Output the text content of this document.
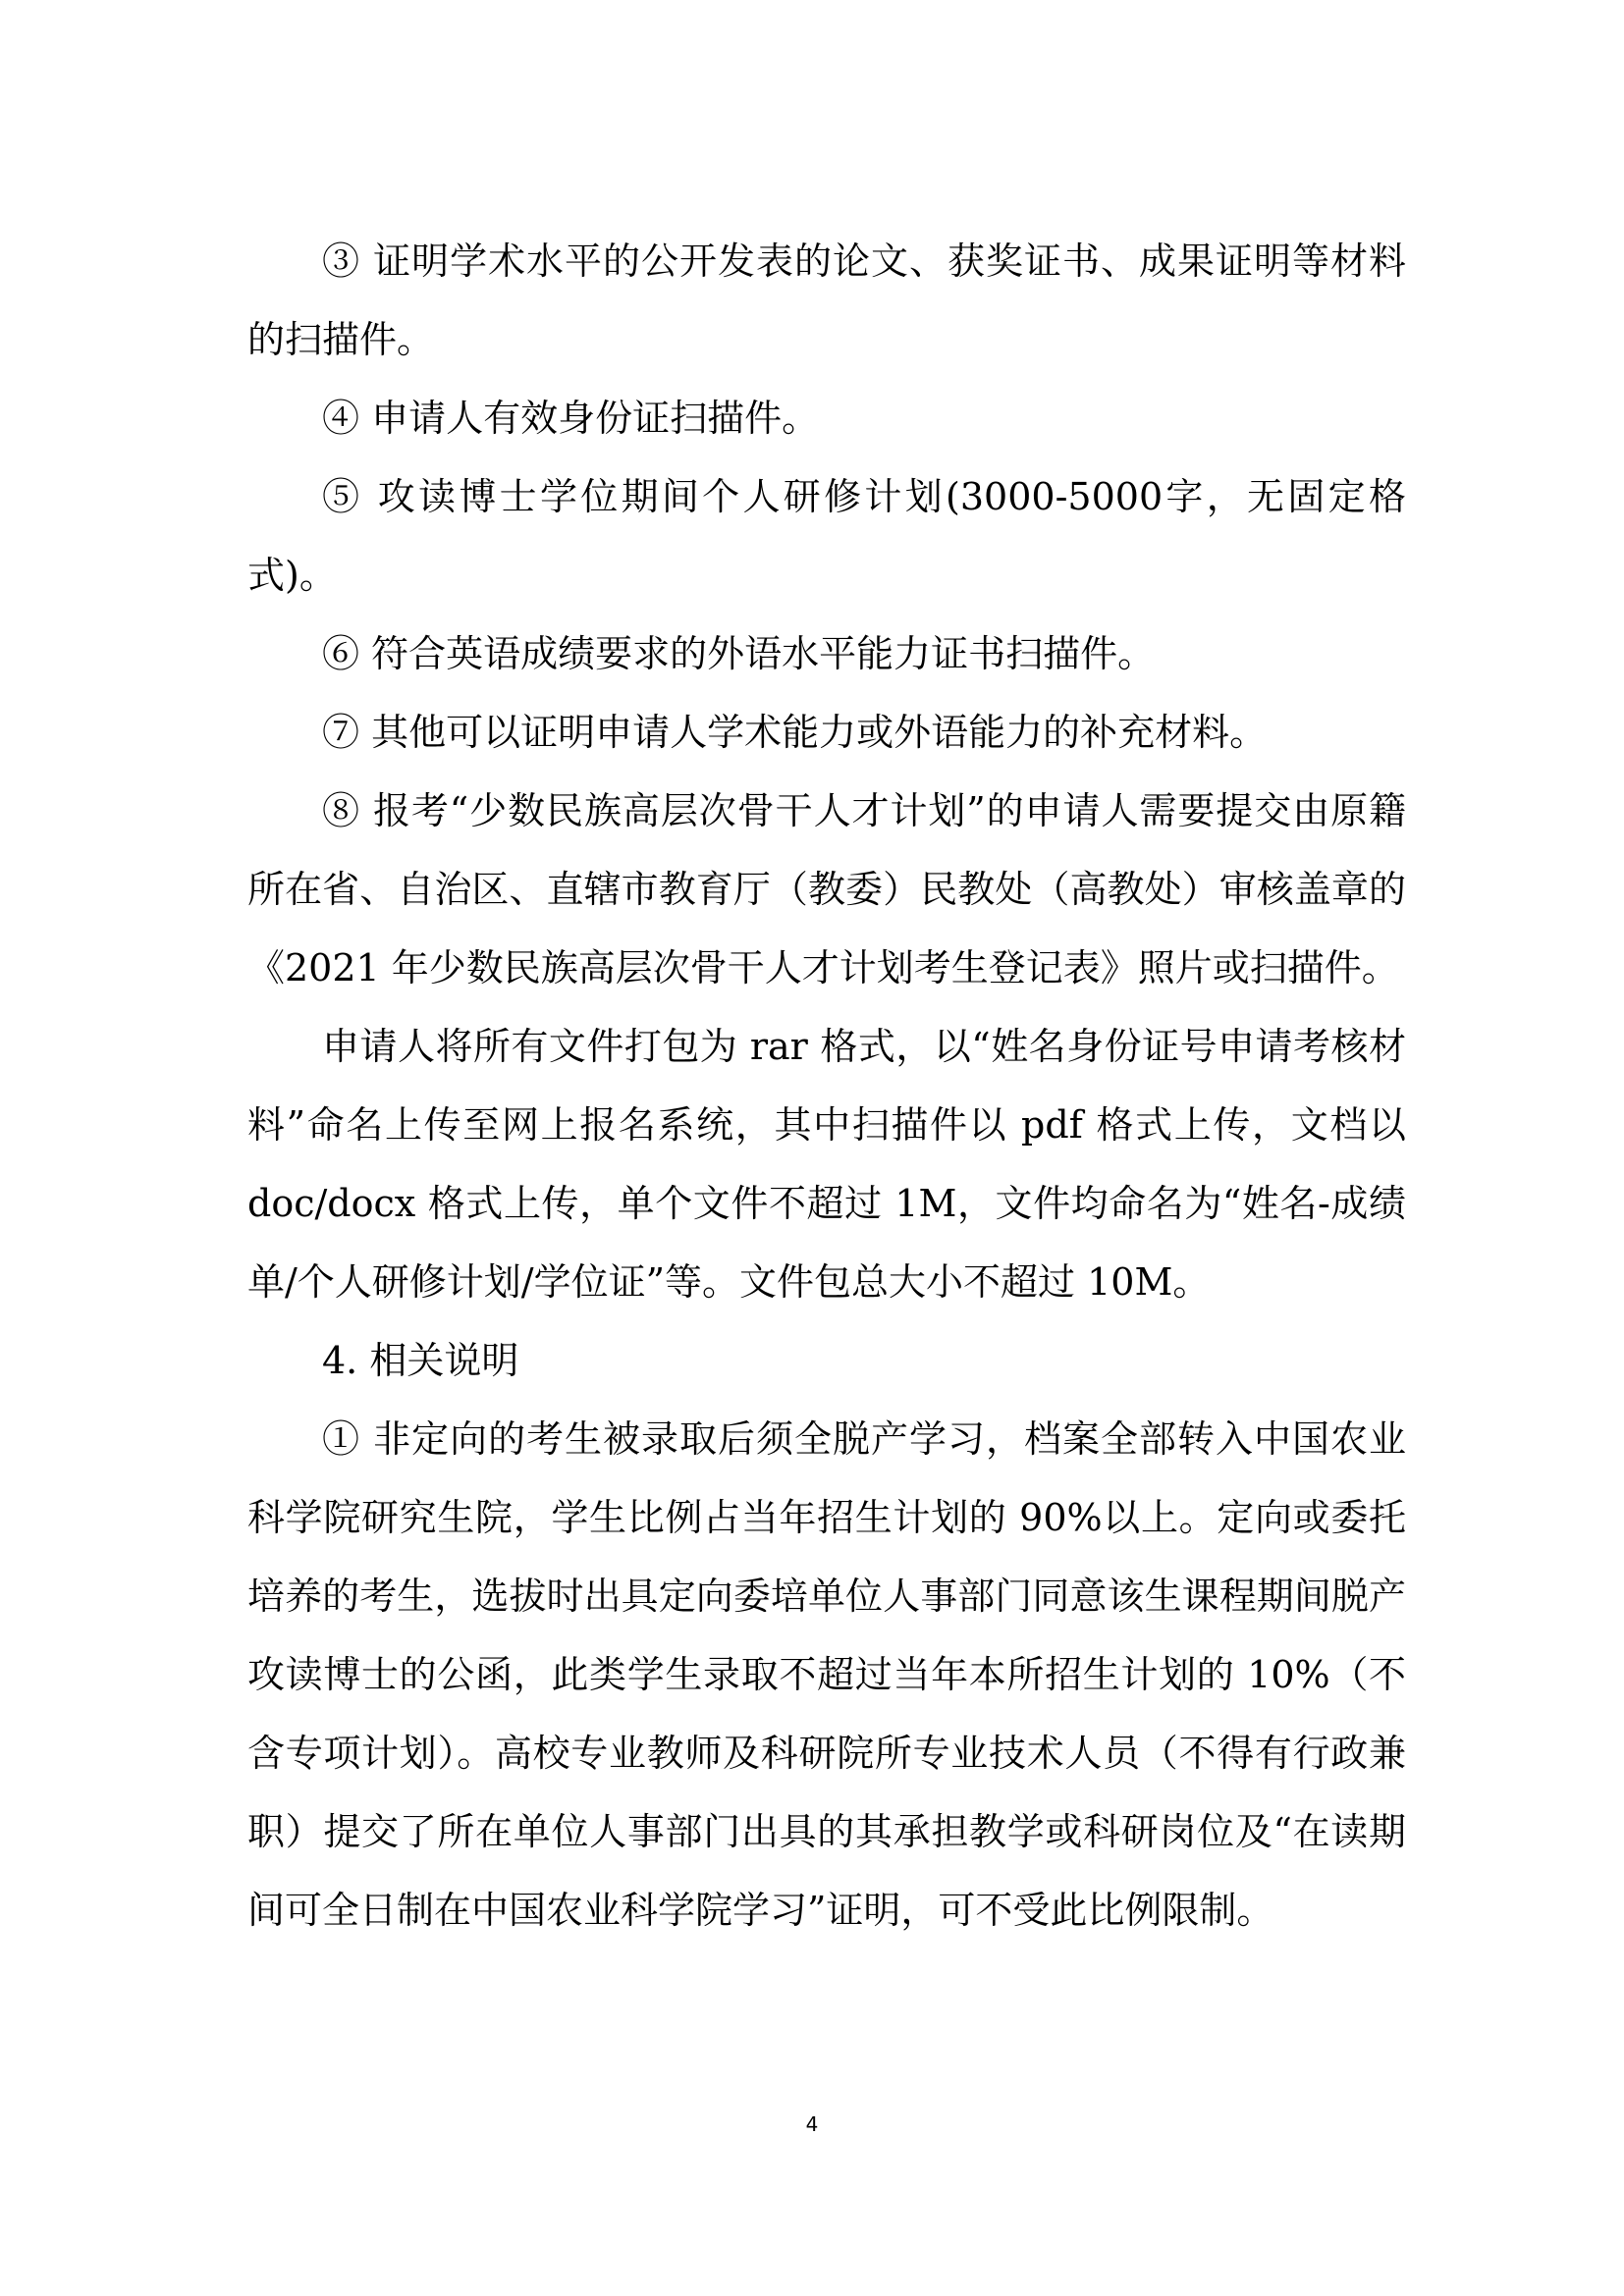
③ 证明学术水平的公开发表的论文、获奖证书、成果证明等材料的扫描件。

④ 申请人有效身份证扫描件。

⑤ 攻读博士学位期间个人研修计划(3000-5000字，无固定格式)。

⑥ 符合英语成绩要求的外语水平能力证书扫描件。

⑦ 其他可以证明申请人学术能力或外语能力的补充材料。

⑧ 报考“少数民族高层次骨干人才计划”的申请人需要提交由原籍所在省、自治区、直辖市教育厅（教委）民教处（高教处）审核盖章的《2021 年少数民族高层次骨干人才计划考生登记表》照片或扫描件。

申请人将所有文件打包为 rar 格式，以“姓名身份证号申请考核材料”命名上传至网上报名系统，其中扫描件以 pdf 格式上传，文档以 doc/docx 格式上传，单个文件不超过 1M，文件均命名为“姓名-成绩单/个人研修计划/学位证”等。文件包总大小不超过 10M。

4. 相关说明

① 非定向的考生被录取后须全脱产学习，档案全部转入中国农业科学院研究生院，学生比例占当年招生计划的 90%以上。定向或委托培养的考生，选拔时出具定向委培单位人事部门同意该生课程期间脱产攻读博士的公函，此类学生录取不超过当年本所招生计划的 10%（不含专项计划）。高校专业教师及科研院所专业技术人员（不得有行政兼职）提交了所在单位人事部门出具的其承担教学或科研岗位及“在读期间可全日制在中国农业科学院学习”证明，可不受此比例限制。

4
